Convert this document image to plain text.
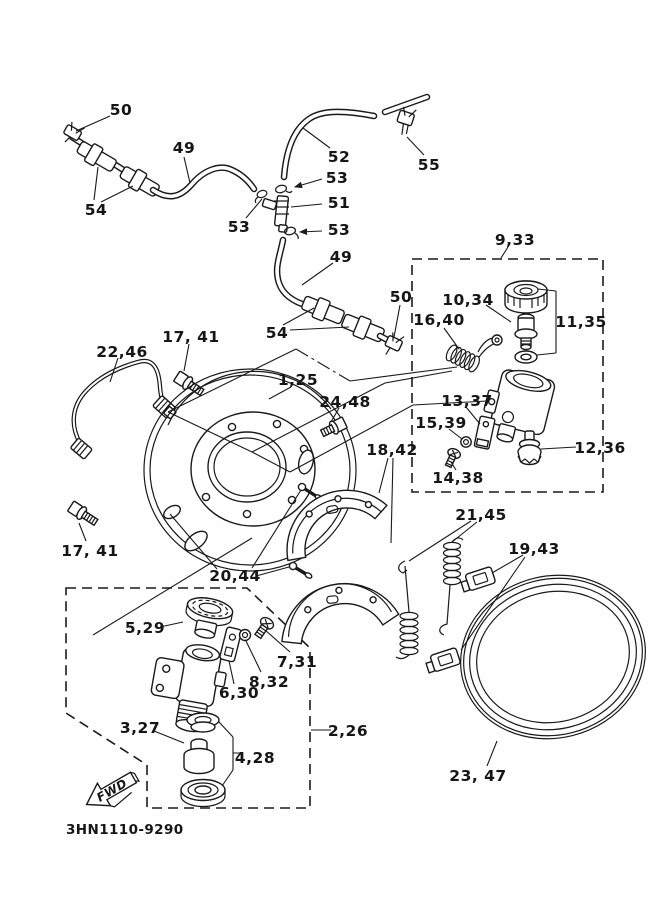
FWD
50
49
54
52	55
53
51
53	53
49
54
50
9,33
10,34
11,35
16,40
13,37
15,39
12,36
14,38
22,46
17, 41
1,25
24,48
17, 41
18,42
20,44
21,45
19,43
23, 47
5,29
7,31
8,32
6,30
3,27
4,28
2,26
3HN1110-9290
